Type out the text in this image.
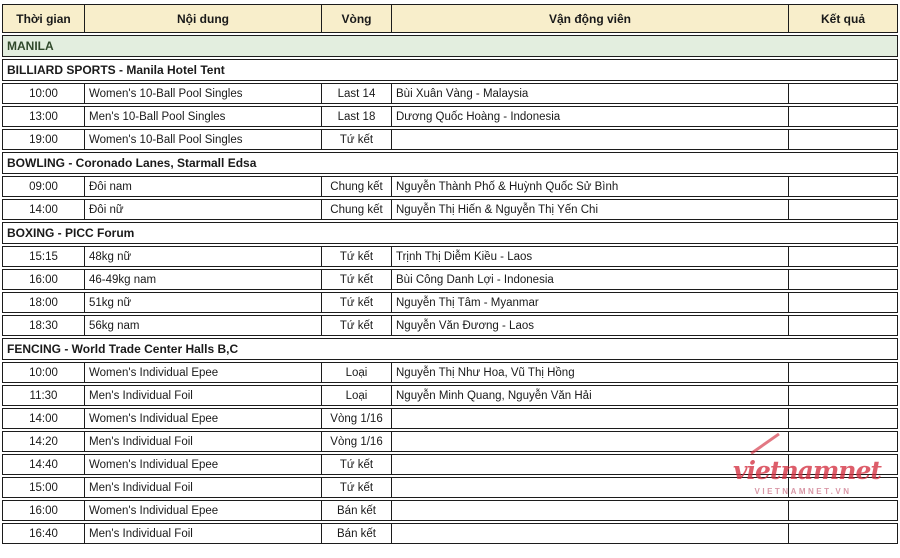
Thời gian	Nội dung	Vòng	Vận động viên	Kết quả
MANILA
BILLIARD SPORTS - Manila Hotel Tent
10:00	Women's 10-Ball Pool Singles	Last 14	Bùi Xuân Vàng - Malaysia
13:00	Men's 10-Ball Pool Singles	Last 18	Dương Quốc Hoàng - Indonesia
19:00	Women's 10-Ball Pool Singles	Tứ kết
BOWLING - Coronado Lanes, Starmall Edsa
09:00	Đôi nam	Chung kết	Nguyễn Thành Phố & Huỳnh Quốc Sử Bình
14:00	Đôi nữ	Chung kết	Nguyễn Thị Hiến & Nguyễn Thị Yến Chi
BOXING - PICC Forum
15:15	48kg nữ	Tứ kết	Trịnh Thị Diễm Kiều - Laos
16:00	46-49kg nam	Tứ kết	Bùi Công Danh Lợi - Indonesia
18:00	51kg nữ	Tứ kết	Nguyễn Thị Tâm - Myanmar
18:30	56kg nam	Tứ kết	Nguyễn Văn Đương - Laos
FENCING - World Trade Center Halls B,C
10:00	Women's Individual Epee	Loại	Nguyễn Thị Như Hoa, Vũ Thị Hồng
11:30	Men's Individual Foil	Loại	Nguyễn Minh Quang, Nguyễn Văn Hải
14:00	Women's Individual Epee	Vòng 1/16
14:20	Men's Individual Foil	Vòng 1/16
14:40	Women's Individual Epee	Tứ kết
15:00	Men's Individual Foil	Tứ kết
16:00	Women's Individual Epee	Bán kết
16:40	Men's Individual Foil	Bán kết
vietnamnet
VIETNAMNET.VN
